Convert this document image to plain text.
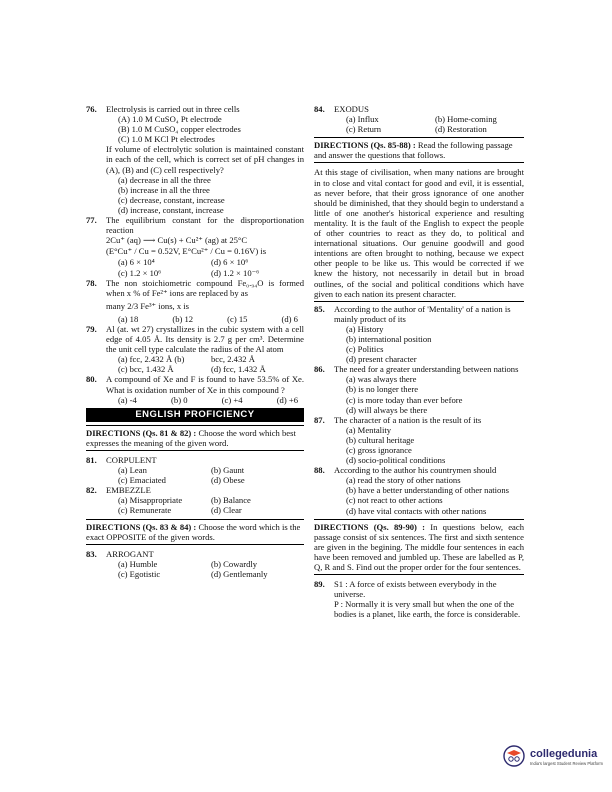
76. Electrolysis is carried out in three cells
(A) 1.0 M CuSO₄ Pt electrode
(B) 1.0 M CuSO₄ copper electrodes
(C) 1.0 M KCl Pt electrodes
If volume of electrolytic solution is maintained constant in each of the cell, which is correct set of pH changes in (A), (B) and (C) cell respectively?
(a) decrease in all the three
(b) increase in all the three
(c) decrease, constant, increase
(d) increase, constant, increase
77. The equilibrium constant for the disproportionation reaction
2Cu⁺ (aq) ⟶ Cu(s) + Cu²⁺ (ag) at 25°C
(E°Cu⁺ / Cu = 0.52V, E°Cu²⁺ / Cu = 0.16V) is
(a) 6 × 10⁴	(d) 6 × 10⁶
(c) 1.2 × 10⁶	(d) 1.2 × 10⁻⁶
78. The non stoichiometric compound Fe₀.₉₄O is formed when x % of Fe²⁺ ions are replaced by as
many 2/3 Fe³⁺ ions, x is
(a) 18	(b) 12	(c) 15	(d) 6
79. Al (at. wt 27) crystallizes in the cubic system with a cell edge of 4.05 Å. Its density is 2.7 g per cm³. Determine the unit cell type calculate the radius of the Al atom
(a) fcc, 2.432 Å (b)	bcc, 2.432 Å
(c) bcc, 1.432 Å	(d) fcc, 1.432 Å
80. A compound of Xe and F is found to have 53.5% of Xe. What is oxidation number of Xe in this compound ?
(a) -4	(b) 0	(c) +4	(d) +6
ENGLISH PROFICIENCY
DIRECTIONS (Qs. 81 & 82) : Choose the word which best expresses the meaning of the given word.
81. CORPULENT
(a) Lean	(b) Gaunt
(c) Emaciated	(d) Obese
82. EMBEZZLE
(a) Misappropriate	(b) Balance
(c) Remunerate	(d) Clear
DIRECTIONS (Qs. 83 & 84) : Choose the word which is the exact OPPOSITE of the given words.
83. ARROGANT
(a) Humble	(b) Cowardly
(c) Egotistic	(d) Gentlemanly
84. EXODUS
(a) Influx	(b) Home-coming
(c) Return	(d) Restoration
DIRECTIONS (Qs. 85-88) : Read the following passage and answer the questions that follows.
At this stage of civilisation, when many nations are brought in to close and vital contact for good and evil, it is essential, as never before, that their gross ignorance of one another should be diminished, that they should begin to understand a little of one another's historical experience and resulting mentality. It is the fault of the English to expect the people of other countries to react as they do, to political and international situations. Our genuine goodwill and good intentions are often brought to nothing, because we expect other people to be like us. This would be corrected if we knew the history, not necessarily in detail but in broad outlines, of the social and political conditions which have given to each nation its present character.
85. According to the author of 'Mentality' of a nation is mainly product of its
(a) History
(b) international position
(c) Politics
(d) present character
86. The need for a greater understanding between nations
(a) was always there
(b) is no longer there
(c) is more today than ever before
(d) will always be there
87. The character of a nation is the result of its
(a) Mentality
(b) cultural heritage
(c) gross ignorance
(d) socio-political conditions
88. According to the author his countrymen should
(a) read the story of other nations
(b) have a better understanding of other nations
(c) not react to other actions
(d) have vital contacts with other nations
DIRECTIONS (Qs. 89-90) : In questions below, each passage consist of six sentences. The first and sixth sentence are given in the begining. The middle four sentences in each have been removed and jumbled up. These are labelled as P, Q, R and S. Find out the proper order for the four sentences.
89. S1 : A force of exists between everybody in the universe.
P : Normally it is very small but when the one of the bodies is a planet, like earth, the force is considerable.
collegedunia
India's largest Student Review Platform
